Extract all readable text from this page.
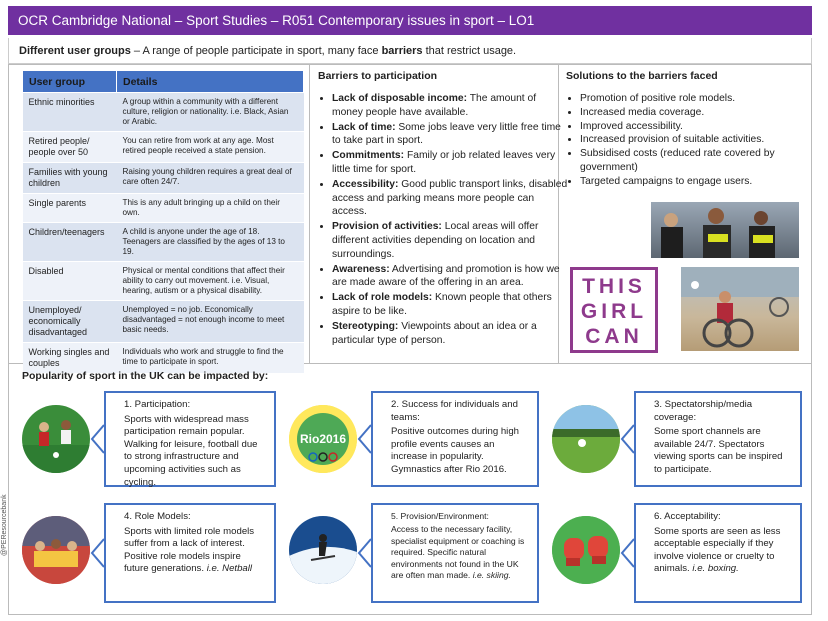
OCR Cambridge National – Sport Studies – R051 Contemporary issues in sport – LO1
Different user groups – A range of people participate in sport, many face barriers that restrict usage.
User group	Details
Ethnic minorities	A group within a community with a different culture, religion or nationality. i.e. Black, Asian or Arabic.
Retired people/ people over 50	You can retire from work at any age. Most retired people received a state pension.
Families with young children	Raising young children requires a great deal of care often 24/7.
Single parents	This is any adult bringing up a child on their own.
Children/teenagers	A child is anyone under the age of 18. Teenagers are classified by the ages of 13 to 19.
Disabled	Physical or mental conditions that affect their ability to carry out movement. i.e. Visual, hearing, autism or a physical disability.
Unemployed/ economically disadvantaged	Unemployed = no job. Economically disadvantaged = not enough income to meet basic needs.
Working singles and couples	Individuals who work and struggle to find the time to participate in sport.
Barriers to participation
• Lack of disposable income: The amount of money people have available.
• Lack of time: Some jobs leave very little free time to take part in sport.
• Commitments: Family or job related leaves very little time for sport.
• Accessibility: Good public transport links, disabled access and parking means more people can access.
• Provision of activities: Local areas will offer different activities depending on location and surroundings.
• Awareness: Advertising and promotion is how we are made aware of the offering in an area.
• Lack of role models: Known people that others aspire to be like.
• Stereotyping: Viewpoints about an idea or a particular type of person.
Solutions to the barriers faced
• Promotion of positive role models.
• Increased media coverage.
• Improved accessibility.
• Increased provision of suitable activities.
• Subsidised costs (reduced rate covered by government)
• Targeted campaigns to engage users.
THIS
GIRL
CAN
Popularity of sport in the UK can be impacted by:
Rio2016
1. Participation:
Sports with widespread mass participation remain popular. Walking for leisure, football due to strong infrastructure and upcoming activities such as cycling.
2. Success for individuals and teams:
Positive outcomes during high profile events causes an increase in popularity. Gymnastics after Rio 2016.
3. Spectatorship/media coverage:
Some sport channels are available 24/7. Spectators viewing sports can be inspired to participate.
4. Role Models:
Sports with limited role models suffer from a lack of interest. Positive role models inspire future generations. i.e. Netball
5. Provision/Environment:
Access to the necessary facility, specialist equipment or coaching is required. Specific natural environments not found in the UK are often man made. i.e. skiing.
6. Acceptability:
Some sports are seen as less acceptable especially if they involve violence or cruelty to animals. i.e. boxing.
@PEResourcebank
